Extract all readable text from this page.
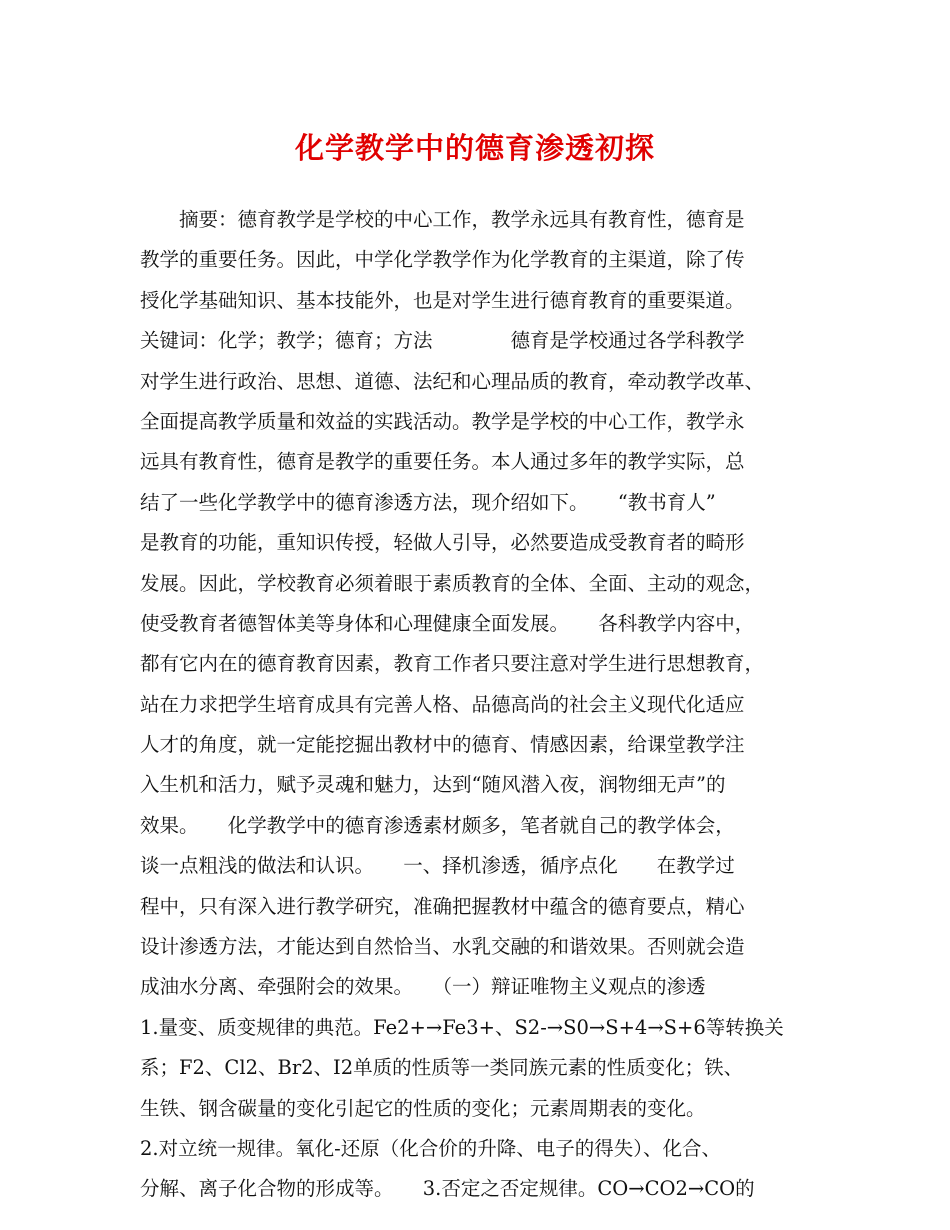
化学教学中的德育渗透初探
　　摘要：德育教学是学校的中心工作，教学永远具有教育性，德育是
教学的重要任务。因此，中学化学教学作为化学教育的主渠道，除了传
授化学基础知识、基本技能外，也是对学生进行德育教育的重要渠道。
关键词：化学；教学；德育；方法　　　　德育是学校通过各学科教学
对学生进行政治、思想、道德、法纪和心理品质的教育，牵动教学改革、
全面提高教学质量和效益的实践活动。教学是学校的中心工作，教学永
远具有教育性，德育是教学的重要任务。本人通过多年的教学实际，总
结了一些化学教学中的德育渗透方法，现介绍如下。　　“教书育人”
是教育的功能，重知识传授，轻做人引导，必然要造成受教育者的畸形
发展。因此，学校教育必须着眼于素质教育的全体、全面、主动的观念，
使受教育者德智体美等身体和心理健康全面发展。　　各科教学内容中，
都有它内在的德育教育因素，教育工作者只要注意对学生进行思想教育，
站在力求把学生培育成具有完善人格、品德高尚的社会主义现代化适应
人才的角度，就一定能挖掘出教材中的德育、情感因素，给课堂教学注
入生机和活力，赋予灵魂和魅力，达到“随风潜入夜，润物细无声”的
效果。　　化学教学中的德育渗透素材颇多，笔者就自己的教学体会，
谈一点粗浅的做法和认识。　　一、择机渗透，循序点化　　在教学过
程中，只有深入进行教学研究，准确把握教材中蕴含的德育要点，精心
设计渗透方法，才能达到自然恰当、水乳交融的和谐效果。否则就会造
成油水分离、牵强附会的效果。　　（一）辩证唯物主义观点的渗透
1.量变、质变规律的典范。Fe2+→Fe3+、S2-→S0→S+4→S+6等转换关
系；F2、Cl2、Br2、I2单质的性质等一类同族元素的性质变化；铁、
生铁、钢含碳量的变化引起它的性质的变化；元素周期表的变化。
2.对立统一规律。氧化-还原（化合价的升降、电子的得失）、化合、
分解、离子化合物的形成等。　　3.否定之否定规律。CO→CO2→CO的
